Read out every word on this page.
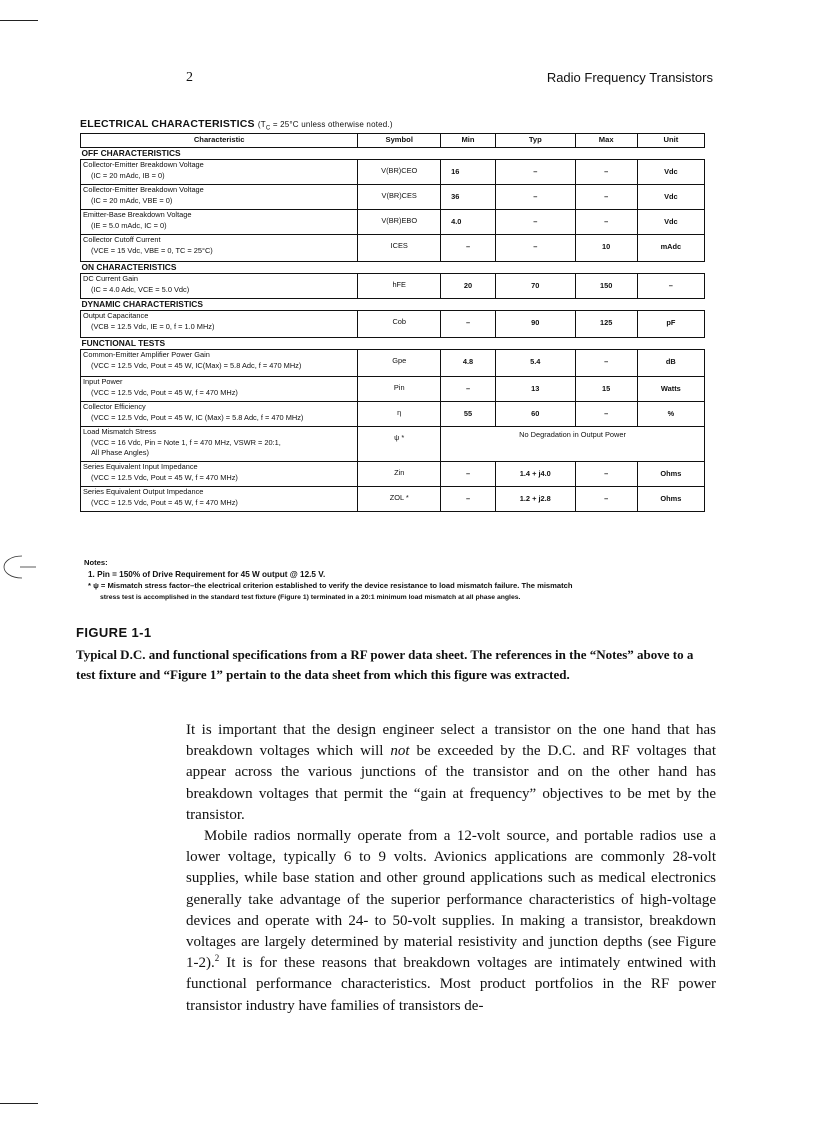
2	Radio Frequency Transistors
ELECTRICAL CHARACTERISTICS ($T_C = 25^\circ C$ unless otherwise noted.)
Characteristic	Symbol	Min	Typ	Max	Unit
OFF CHARACTERISTICS					

Collector-Emitter Breakdown Voltage
(IC = 20 mAdc, IB = 0)	V(BR)CEO	16	–	–	Vdc

Collector-Emitter Breakdown Voltage
(IC = 20 mAdc, VBE = 0)	V(BR)CES	36	–	–	Vdc

Emitter-Base Breakdown Voltage
(IE = 5.0 mAdc, IC = 0)	V(BR)EBO	4.0	–	–	Vdc

Collector Cutoff Current
(VCE = 15 Vdc, VBE = 0, TC = 25°C)	ICES	–	–	10	mAdc
ON CHARACTERISTICS					

DC Current Gain
(IC = 4.0 Adc, VCE = 5.0 Vdc)	hFE	20	70	150	–
DYNAMIC CHARACTERISTICS					

Output Capacitance
(VCB = 12.5 Vdc, IE = 0, f = 1.0 MHz)	Cob	–	90	125	pF
FUNCTIONAL TESTS					

Common-Emitter Amplifier Power Gain
(VCC = 12.5 Vdc, Pout = 45 W, IC(Max) = 5.8 Adc, f = 470 MHz)	Gpe	4.8	5.4	–	dB

Input Power
(VCC = 12.5 Vdc, Pout = 45 W, f = 470 MHz)	Pin	–	13	15	Watts

Collector Efficiency
(VCC = 12.5 Vdc, Pout = 45 W, IC (Max) = 5.8 Adc, f = 470 MHz)	η	55	60	–	%

Load Mismatch Stress
(VCC = 16 Vdc, Pin = Note 1, f = 470 MHz, VSWR = 20:1,
All Phase Angles)	ψ *	No Degradation in Output Power			

Series Equivalent Input Impedance
(VCC = 12.5 Vdc, Pout = 45 W, f = 470 MHz)	Zin	–	1.4 + j4.0	–	Ohms

Series Equivalent Output Impedance
(VCC = 12.5 Vdc, Pout = 45 W, f = 470 MHz)	ZOL *	–	1.2 + j2.8	–	Ohms
Notes:
1. Pin = 150% of Drive Requirement for 45 W output @ 12.5 V.
* ψ = Mismatch stress factor–the electrical criterion established to verify the device resistance to load mismatch failure. The mismatch
stress test is accomplished in the standard test fixture (Figure 1) terminated in a 20:1 minimum load mismatch at all phase angles.
FIGURE 1-1
Typical D.C. and functional specifications from a RF power data sheet. The references in the “Notes” above to a test fixture and “Figure 1” pertain to the data sheet from which this figure was extracted.

It is important that the design engineer select a transistor on the one hand that has breakdown voltages which will not be exceeded by the D.C. and RF voltages that appear across the various junctions of the transistor and on the other hand has breakdown voltages that permit the “gain at frequency” objectives to be met by the transistor.

Mobile radios normally operate from a 12-volt source, and portable radios use a lower voltage, typically 6 to 9 volts. Avionics applications are commonly 28-volt supplies, while base station and other ground applications such as medical electronics generally take advantage of the superior performance characteristics of high-voltage devices and operate with 24- to 50-volt supplies. In making a transistor, breakdown voltages are largely determined by material resistivity and junction depths (see Figure 1-2).$^2$ It is for these reasons that breakdown voltages are intimately entwined with functional performance characteristics. Most product portfolios in the RF power transistor industry have families of transistors de-
